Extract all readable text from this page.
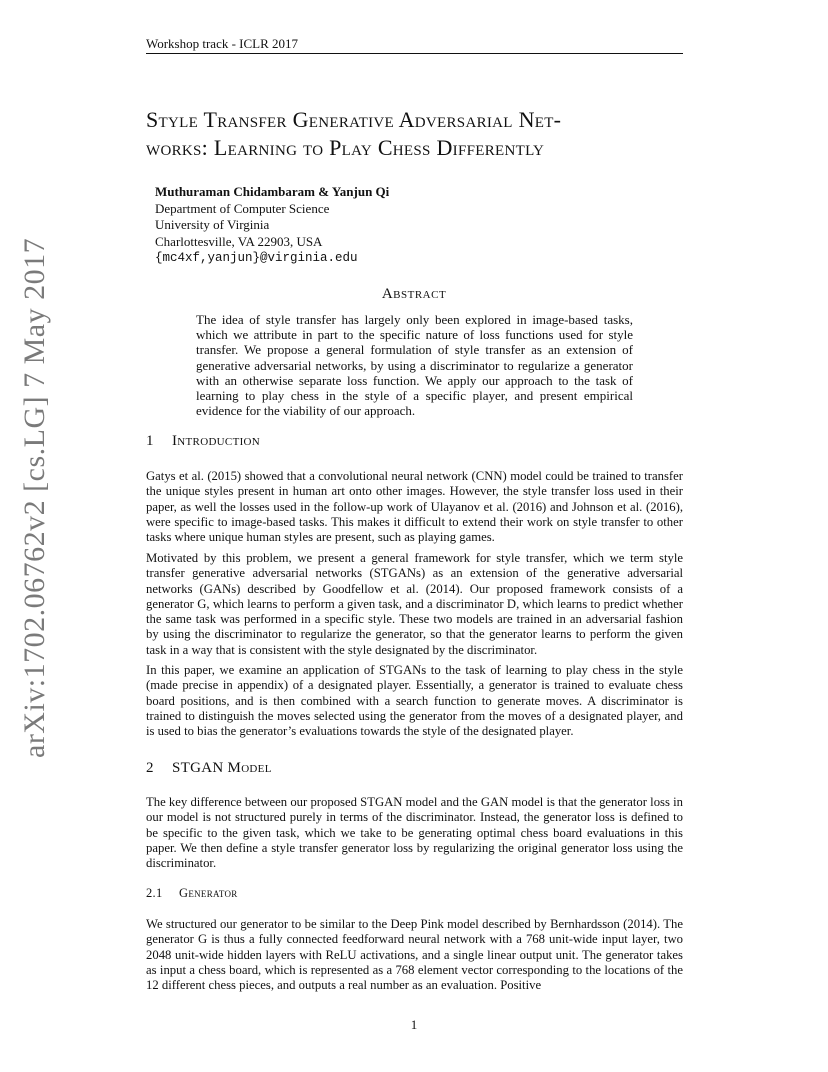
Workshop track - ICLR 2017
arXiv:1702.06762v2 [cs.LG] 7 May 2017
Style Transfer Generative Adversarial Net-
works: Learning to Play Chess Differently
Muthuraman Chidambaram & Yanjun Qi
Department of Computer Science
University of Virginia
Charlottesville, VA 22903, USA
{mc4xf,yanjun}@virginia.edu
Abstract
The idea of style transfer has largely only been explored in image-based tasks, which we attribute in part to the specific nature of loss functions used for style transfer. We propose a general formulation of style transfer as an extension of generative adversarial networks, by using a discriminator to regularize a generator with an otherwise separate loss function. We apply our approach to the task of learning to play chess in the style of a specific player, and present empirical evidence for the viability of our approach.
1 Introduction
Gatys et al. (2015) showed that a convolutional neural network (CNN) model could be trained to transfer the unique styles present in human art onto other images. However, the style transfer loss used in their paper, as well the losses used in the follow-up work of Ulayanov et al. (2016) and Johnson et al. (2016), were specific to image-based tasks. This makes it difficult to extend their work on style transfer to other tasks where unique human styles are present, such as playing games.
Motivated by this problem, we present a general framework for style transfer, which we term style transfer generative adversarial networks (STGANs) as an extension of the generative adversarial networks (GANs) described by Goodfellow et al. (2014). Our proposed framework consists of a generator G, which learns to perform a given task, and a discriminator D, which learns to predict whether the same task was performed in a specific style. These two models are trained in an adversarial fashion by using the discriminator to regularize the generator, so that the generator learns to perform the given task in a way that is consistent with the style designated by the discriminator.
In this paper, we examine an application of STGANs to the task of learning to play chess in the style (made precise in appendix) of a designated player. Essentially, a generator is trained to evaluate chess board positions, and is then combined with a search function to generate moves. A discriminator is trained to distinguish the moves selected using the generator from the moves of a designated player, and is used to bias the generator’s evaluations towards the style of the designated player.
2 STGAN Model
The key difference between our proposed STGAN model and the GAN model is that the generator loss in our model is not structured purely in terms of the discriminator. Instead, the generator loss is defined to be specific to the given task, which we take to be generating optimal chess board evaluations in this paper. We then define a style transfer generator loss by regularizing the original generator loss using the discriminator.
2.1 Generator
We structured our generator to be similar to the Deep Pink model described by Bernhardsson (2014). The generator G is thus a fully connected feedforward neural network with a 768 unit-wide input layer, two 2048 unit-wide hidden layers with ReLU activations, and a single linear output unit. The generator takes as input a chess board, which is represented as a 768 element vector corresponding to the locations of the 12 different chess pieces, and outputs a real number as an evaluation. Positive
1
